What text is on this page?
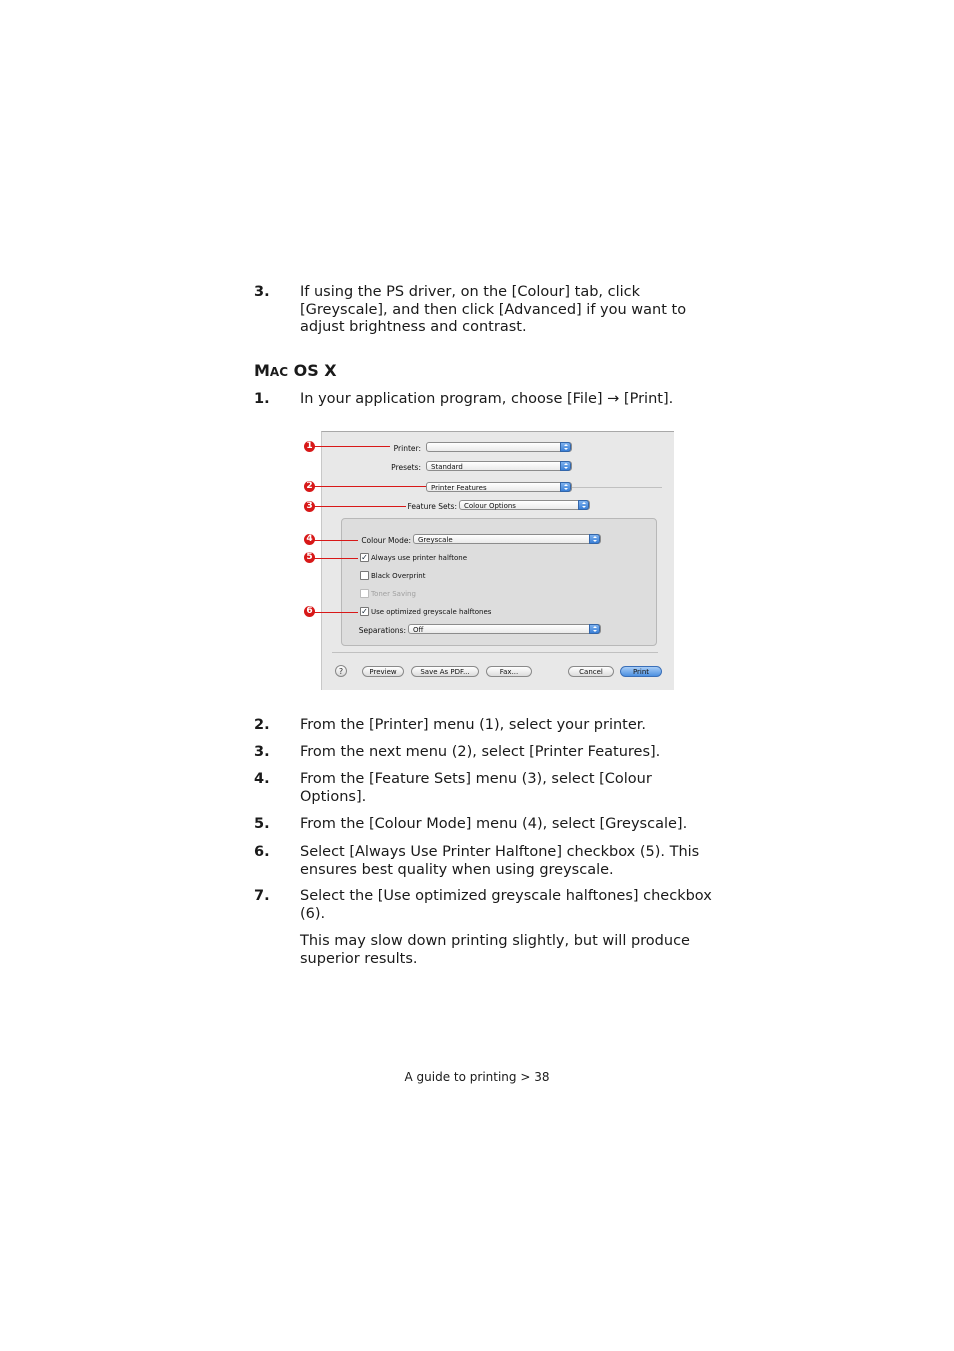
3. If using the PS driver, on the [Colour] tab, click [Greyscale], and then click [Advanced] if you want to adjust brightness and contrast.
MAC OS X
1. In your application program, choose [File] → [Print].
Printer:
Presets:	Standard
Printer Features
Feature Sets:	Colour Options
Colour Mode:	Greyscale
✓ Always use printer halftone
Black Overprint
Toner Saving
✓ Use optimized greyscale halftones
Separations:	Off
?	Preview	Save As PDF...	Fax...	Cancel	Print
1
2
3
4
5
6
2. From the [Printer] menu (1), select your printer.
3. From the next menu (2), select [Printer Features].
4. From the [Feature Sets] menu (3), select [Colour Options].
5. From the [Colour Mode] menu (4), select [Greyscale].
6. Select [Always Use Printer Halftone] checkbox (5). This ensures best quality when using greyscale.
7. Select the [Use optimized greyscale halftones] checkbox (6).
This may slow down printing slightly, but will produce superior results.
A guide to printing > 38
